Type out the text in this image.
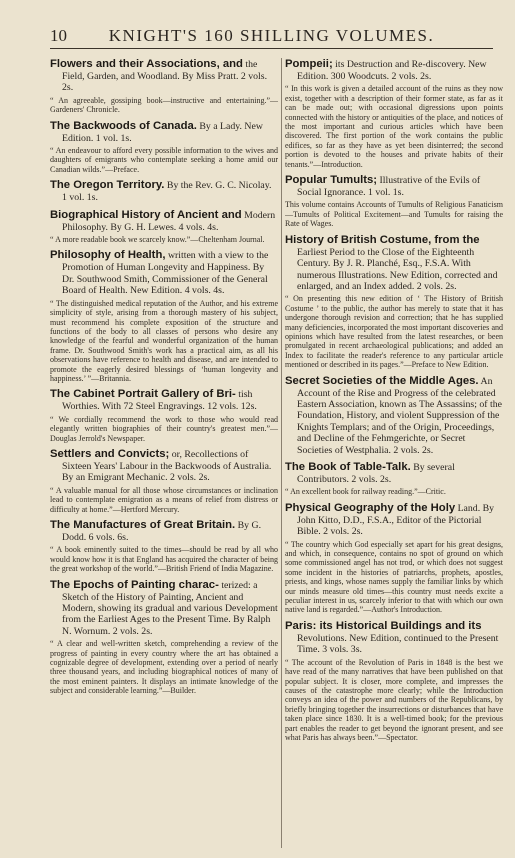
10	KNIGHT'S 160 SHILLING VOLUMES.
Flowers and their Associations, and the Field, Garden, and Woodland. By Miss Pratt. 2 vols. 2s.
“ An agreeable, gossiping book—instructive and entertaining.”—Gardeners' Chronicle.
The Backwoods of Canada. By a Lady. New Edition. 1 vol. 1s.
“ An endeavour to afford every possible information to the wives and daughters of emigrants who contemplate seeking a home amid our Canadian wilds.”—Preface.
The Oregon Territory. By the Rev. G. C. Nicolay. 1 vol. 1s.
Biographical History of Ancient and Modern Philosophy. By G. H. Lewes. 4 vols. 4s.
“ A more readable book we scarcely know.”—Cheltenham Journal.
Philosophy of Health, written with a view to the Promotion of Human Longevity and Happiness. By Dr. Southwood Smith, Commissioner of the General Board of Health. New Edition. 4 vols. 4s.
“ The distinguished medical reputation of the Author, and his extreme simplicity of style, arising from a thorough mastery of his subject, must recommend his complete exposition of the structure and functions of the body to all classes of persons who desire any knowledge of the fearful and wonderful organization of the human frame. Dr. Southwood Smith's work has a practical aim, as all his observations have reference to health and disease, and are intended to promote the eagerly desired blessings of ‘human longevity and happiness.’ ”—Britannia.
The Cabinet Portrait Gallery of Bri- tish Worthies. With 72 Steel Engravings. 12 vols. 12s.
“ We cordially recommend the work to those who would read elegantly written biographies of their country's greatest men.”—Douglas Jerrold's Newspaper.
Settlers and Convicts; or, Recollections of Sixteen Years' Labour in the Backwoods of Australia. By an Emigrant Mechanic. 2 vols. 2s.
“ A valuable manual for all those whose circumstances or inclination lead to contemplate emigration as a means of relief from distress or difficulty at home.”—Hertford Mercury.
The Manufactures of Great Britain. By G. Dodd. 6 vols. 6s.
“ A book eminently suited to the times—should be read by all who would know how it is that England has acquired the character of being the great workshop of the world.”—British Friend of India Magazine.
The Epochs of Painting charac- terized: a Sketch of the History of Painting, Ancient and Modern, showing its gradual and various Development from the Earliest Ages to the Present Time. By Ralph N. Wornum. 2 vols. 2s.
“ A clear and well-written sketch, comprehending a review of the progress of painting in every country where the art has obtained a cognizable degree of development, extending over a period of nearly three thousand years, and including biographical notices of many of the most eminent painters. It displays an intimate knowledge of the subject and considerable learning.”—Builder.
Pompeii; its Destruction and Re-discovery. New Edition. 300 Woodcuts. 2 vols. 2s.
“ In this work is given a detailed account of the ruins as they now exist, together with a description of their former state, as far as it can be made out; with occasional digressions upon points connected with the history or antiquities of the place, and notices of the most important and curious articles which have been discovered. The first portion of the work contains the public edifices, so far as they have as yet been disinterred; the second portion is devoted to the houses and private habits of their tenants.”—Introduction.
Popular Tumults; Illustrative of the Evils of Social Ignorance. 1 vol. 1s.
This volume contains Accounts of Tumults of Religious Fanaticism—Tumults of Political Excitement—and Tumults for raising the Rate of Wages.
History of British Costume, from the Earliest Period to the Close of the Eighteenth Century. By J. R. Planché, Esq., F.S.A. With numerous Illustrations. New Edition, corrected and enlarged, and an Index added. 2 vols. 2s.
“ On presenting this new edition of ‘ The History of British Costume ’ to the public, the author has merely to state that it has undergone thorough revision and correction; that he has supplied many deficiencies, incorporated the most important discoveries and opinions which have resulted from the latest researches, or been promulgated in recent archaeological publications; and added an Index to facilitate the reader's reference to any particular article mentioned or described in its pages.”—Preface to New Edition.
Secret Societies of the Middle Ages. An Account of the Rise and Progress of the celebrated Eastern Association, known as The Assassins; of the Foundation, History, and violent Suppression of the Knights Templars; and of the Origin, Proceedings, and Decline of the Fehmgerichte, or Secret Societies of Westphalia. 2 vols. 2s.
The Book of Table-Talk. By several Contributors. 2 vols. 2s.
“ An excellent book for railway reading.”—Critic.
Physical Geography of the Holy Land. By John Kitto, D.D., F.S.A., Editor of the Pictorial Bible. 2 vols. 2s.
“ The country which God especially set apart for his great designs, and which, in consequence, contains no spot of ground on which some commissioned angel has not trod, or which does not suggest some incident in the histories of patriarchs, prophets, apostles, priests, and kings, whose names supply the familiar links by which our minds measure old times—this country must needs excite a peculiar interest in us, scarcely inferior to that with which our own native land is regarded.”—Author's Introduction.
Paris: its Historical Buildings and its Revolutions. New Edition, continued to the Present Time. 3 vols. 3s.
“ The account of the Revolution of Paris in 1848 is the best we have read of the many narratives that have been published on that popular subject. It is closer, more complete, and impresses the causes of the catastrophe more clearly; while the Introduction conveys an idea of the power and numbers of the Republicans, by briefly bringing together the insurrections or disturbances that have taken place since 1830. It is a well-timed book; for the previous part enables the reader to get beyond the ignorant present, and see what Paris has always been.”—Spectator.
